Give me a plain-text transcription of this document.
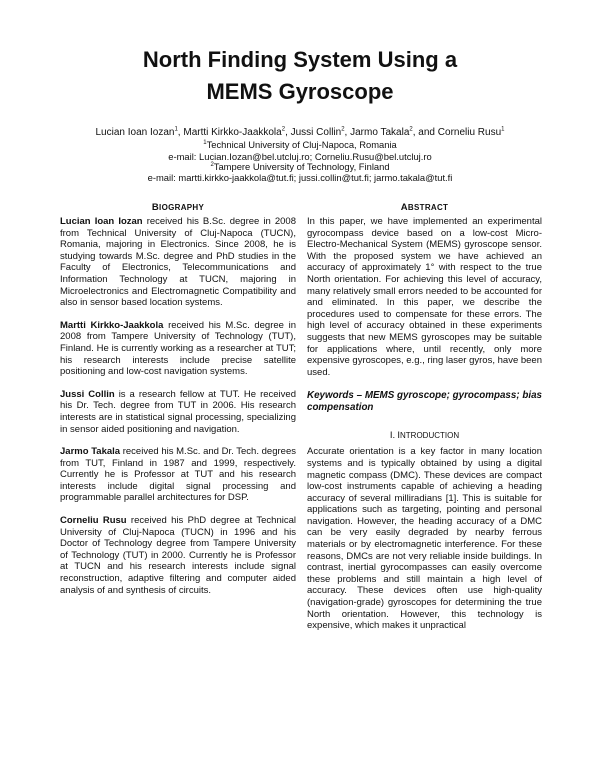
North Finding System Using a
MEMS Gyroscope
Lucian Ioan Iozan$^1$, Martti Kirkko-Jaakkola$^2$, Jussi Collin$^2$, Jarmo Takala$^2$, and Corneliu Rusu$^1$
$^1$Technical University of Cluj-Napoca, Romania
e-mail: Lucian.Iozan@bel.utcluj.ro; Corneliu.Rusu@bel.utcluj.ro
$^2$Tampere University of Technology, Finland
e-mail: martti.kirkko-jaakkola@tut.fi; jussi.collin@tut.fi; jarmo.takala@tut.fi
BIOGRAPHY

Lucian Ioan Iozan received his B.Sc. degree in 2008 from Technical University of Cluj-Napoca (TUCN), Romania, majoring in Electronics. Since 2008, he is studying towards M.Sc. degree and PhD studies in the Faculty of Electronics, Telecommunications and Information Technology at TUCN, majoring in Microelectronics and Electromagnetic Compatibility and also in sensor based location systems.

Martti Kirkko-Jaakkola received his M.Sc. degree in 2008 from Tampere University of Technology (TUT), Finland. He is currently working as a researcher at TUT; his research interests include precise satellite positioning and low-cost navigation systems.

Jussi Collin is a research fellow at TUT. He received his Dr. Tech. degree from TUT in 2006. His research interests are in statistical signal processing, specializing in sensor aided positioning and navigation.

Jarmo Takala received his M.Sc. and Dr. Tech. degrees from TUT, Finland in 1987 and 1999, respectively. Currently he is Professor at TUT and his research interests include digital signal processing and programmable parallel architectures for DSP.

Corneliu Rusu received his PhD degree at Technical University of Cluj-Napoca (TUCN) in 1996 and his Doctor of Technology degree from Tampere University of Technology (TUT) in 2000. Currently he is Professor at TUCN and his research interests include signal reconstruction, adaptive filtering and computer aided analysis of and synthesis of circuits.

ABSTRACT

In this paper, we have implemented an experimental gyrocompass device based on a low-cost Micro-Electro-Mechanical System (MEMS) gyroscope sensor. With the proposed system we have achieved an accuracy of approximately 1° with respect to the true North orientation. For achieving this level of accuracy, many relatively small errors needed to be accounted for and eliminated. In this paper, we describe the procedures used to compensate for these errors. The high level of accuracy obtained in these experiments suggests that new MEMS gyroscopes may be suitable for applications where, until recently, only more expensive gyroscopes, e.g., ring laser gyros, have been used.

Keywords – MEMS gyroscope; gyrocompass; bias compensation
I. INTRODUCTION

Accurate orientation is a key factor in many location systems and is typically obtained by using a digital magnetic compass (DMC). These devices are compact low-cost instruments capable of achieving a heading accuracy of several milliradians [1]. This is suitable for applications such as targeting, pointing and personal navigation. However, the heading accuracy of a DMC can be very easily degraded by nearby ferrous materials or by electromagnetic interference. For these reasons, DMCs are not very reliable inside buildings. In contrast, inertial gyrocompasses can easily overcome these problems and still maintain a high level of accuracy. These devices often use high-quality (navigation-grade) gyroscopes for determining the true North orientation. However, this technology is expensive, which makes it unpractical
